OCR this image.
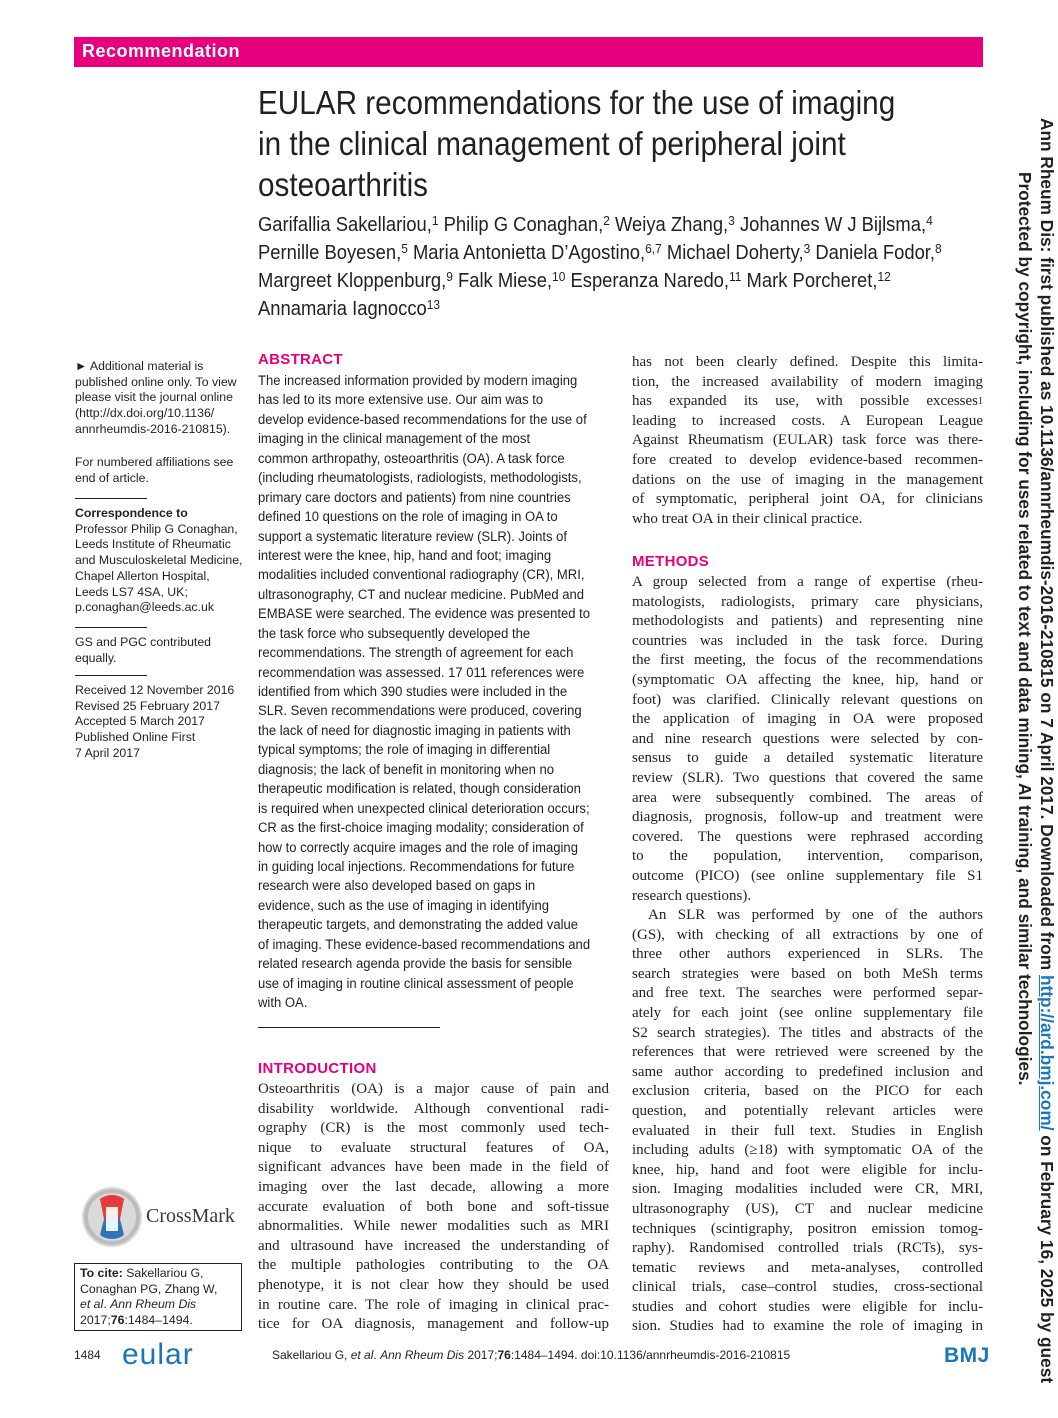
Recommendation
EULAR recommendations for the use of imaging
in the clinical management of peripheral joint
osteoarthritis
Garifallia Sakellariou,$^1$ Philip G Conaghan,$^2$ Weiya Zhang,$^3$ Johannes W J Bijlsma,$^4$
Pernille Boyesen,$^5$ Maria Antonietta D’Agostino,$^{6,7}$ Michael Doherty,$^3$ Daniela Fodor,$^8$
Margreet Kloppenburg,$^9$ Falk Miese,$^{10}$ Esperanza Naredo,$^{11}$ Mark Porcheret,$^{12}$
Annamaria Iagnocco$^{13}$
► Additional material is
published online only. To view
please visit the journal online
(http://dx.doi.org/10.1136/
annrheumdis-2016-210815).
For numbered affiliations see
end of article.
Correspondence to
Professor Philip G Conaghan,
Leeds Institute of Rheumatic
and Musculoskeletal Medicine,
Chapel Allerton Hospital,
Leeds LS7 4SA, UK;
p.conaghan@leeds.ac.uk
GS and PGC contributed
equally.
Received 12 November 2016
Revised 25 February 2017
Accepted 5 March 2017
Published Online First
7 April 2017
CrossMark
To cite: Sakellariou G,
Conaghan PG, Zhang W,
et al. Ann Rheum Dis
2017;76:1484–1494.
ABSTRACT
The increased information provided by modern imaging
has led to its more extensive use. Our aim was to
develop evidence-based recommendations for the use of
imaging in the clinical management of the most
common arthropathy, osteoarthritis (OA). A task force
(including rheumatologists, radiologists, methodologists,
primary care doctors and patients) from nine countries
defined 10 questions on the role of imaging in OA to
support a systematic literature review (SLR). Joints of
interest were the knee, hip, hand and foot; imaging
modalities included conventional radiography (CR), MRI,
ultrasonography, CT and nuclear medicine. PubMed and
EMBASE were searched. The evidence was presented to
the task force who subsequently developed the
recommendations. The strength of agreement for each
recommendation was assessed. 17 011 references were
identified from which 390 studies were included in the
SLR. Seven recommendations were produced, covering
the lack of need for diagnostic imaging in patients with
typical symptoms; the role of imaging in differential
diagnosis; the lack of benefit in monitoring when no
therapeutic modification is related, though consideration
is required when unexpected clinical deterioration occurs;
CR as the first-choice imaging modality; consideration of
how to correctly acquire images and the role of imaging
in guiding local injections. Recommendations for future
research were also developed based on gaps in
evidence, such as the use of imaging in identifying
therapeutic targets, and demonstrating the added value
of imaging. These evidence-based recommendations and
related research agenda provide the basis for sensible
use of imaging in routine clinical assessment of people
with OA.
INTRODUCTION
Osteoarthritis (OA) is a major cause of pain and
disability worldwide. Although conventional radi-
ography (CR) is the most commonly used tech-
nique to evaluate structural features of OA,
significant advances have been made in the field of
imaging over the last decade, allowing a more
accurate evaluation of both bone and soft-tissue
abnormalities. While newer modalities such as MRI
and ultrasound have increased the understanding of
the multiple pathologies contributing to the OA
phenotype, it is not clear how they should be used
in routine care. The role of imaging in clinical prac-
tice for OA diagnosis, management and follow-up
has not been clearly defined. Despite this limita-
tion, the increased availability of modern imaging
has expanded its use, with possible excesses$^1$
leading to increased costs. A European League
Against Rheumatism (EULAR) task force was there-
fore created to develop evidence-based recommen-
dations on the use of imaging in the management
of symptomatic, peripheral joint OA, for clinicians
who treat OA in their clinical practice.
METHODS
A group selected from a range of expertise (rheu-
matologists, radiologists, primary care physicians,
methodologists and patients) and representing nine
countries was included in the task force. During
the first meeting, the focus of the recommendations
(symptomatic OA affecting the knee, hip, hand or
foot) was clarified. Clinically relevant questions on
the application of imaging in OA were proposed
and nine research questions were selected by con-
sensus to guide a detailed systematic literature
review (SLR). Two questions that covered the same
area were subsequently combined. The areas of
diagnosis, prognosis, follow-up and treatment were
covered. The questions were rephrased according
to the population, intervention, comparison,
outcome (PICO) (see online supplementary file S1
research questions).
An SLR was performed by one of the authors
(GS), with checking of all extractions by one of
three other authors experienced in SLRs. The
search strategies were based on both MeSh terms
and free text. The searches were performed separ-
ately for each joint (see online supplementary file
S2 search strategies). The titles and abstracts of the
references that were retrieved were screened by the
same author according to predefined inclusion and
exclusion criteria, based on the PICO for each
question, and potentially relevant articles were
evaluated in their full text. Studies in English
including adults (≥18) with symptomatic OA of the
knee, hip, hand and foot were eligible for inclu-
sion. Imaging modalities included were CR, MRI,
ultrasonography (US), CT and nuclear medicine
techniques (scintigraphy, positron emission tomog-
raphy). Randomised controlled trials (RCTs), sys-
tematic reviews and meta-analyses, controlled
clinical trials, case–control studies, cross-sectional
studies and cohort studies were eligible for inclu-
sion. Studies had to examine the role of imaging in
1484 eular	Sakellariou G, et al. Ann Rheum Dis 2017;76:1484–1494. doi:10.1136/annrheumdis-2016-210815	BMJ
Ann Rheum Dis: first published as 10.1136/annrheumdis-2016-210815 on 7 April 2017. Downloaded from http://ard.bmj.com/ on February 16, 2025 by guest
Protected by copyright, including for uses related to text and data mining, AI training, and similar technologies.
